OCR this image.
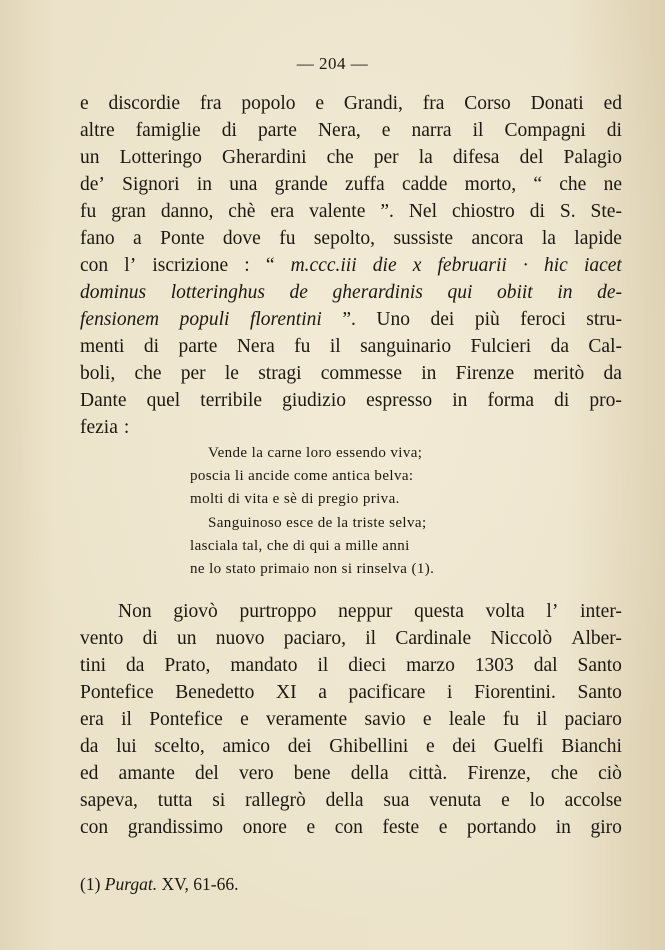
— 204 —
e discordie fra popolo e Grandi, fra Corso Donati ed
altre famiglie di parte Nera, e narra il Compagni di
un Lotteringo Gherardini che per la difesa del Palagio
de’ Signori in una grande zuffa cadde morto, “ che ne
fu gran danno, chè era valente ”. Nel chiostro di S. Ste-
fano a Ponte dove fu sepolto, sussiste ancora la lapide
con l’ iscrizione : “ m.ccc.iii die x februarii · hic iacet
dominus lotteringhus de gherardinis qui obiit in de-
fensionem populi florentini ”. Uno dei più feroci stru-
menti di parte Nera fu il sanguinario Fulcieri da Cal-
boli, che per le stragi commesse in Firenze meritò da
Dante quel terribile giudizio espresso in forma di pro-
fezia :
Vende la carne loro essendo viva;
poscia li ancide come antica belva:
molti di vita e sè di pregio priva.
Sanguinoso esce de la triste selva;
lasciala tal, che di qui a mille anni
ne lo stato primaio non si rinselva (1).
Non giovò purtroppo neppur questa volta l’ inter-
vento di un nuovo paciaro, il Cardinale Niccolò Alber-
tini da Prato, mandato il dieci marzo 1303 dal Santo
Pontefice Benedetto XI a pacificare i Fiorentini. Santo
era il Pontefice e veramente savio e leale fu il paciaro
da lui scelto, amico dei Ghibellini e dei Guelfi Bianchi
ed amante del vero bene della città. Firenze, che ciò
sapeva, tutta si rallegrò della sua venuta e lo accolse
con grandissimo onore e con feste e portando in giro
(1) Purgat. XV, 61-66.
